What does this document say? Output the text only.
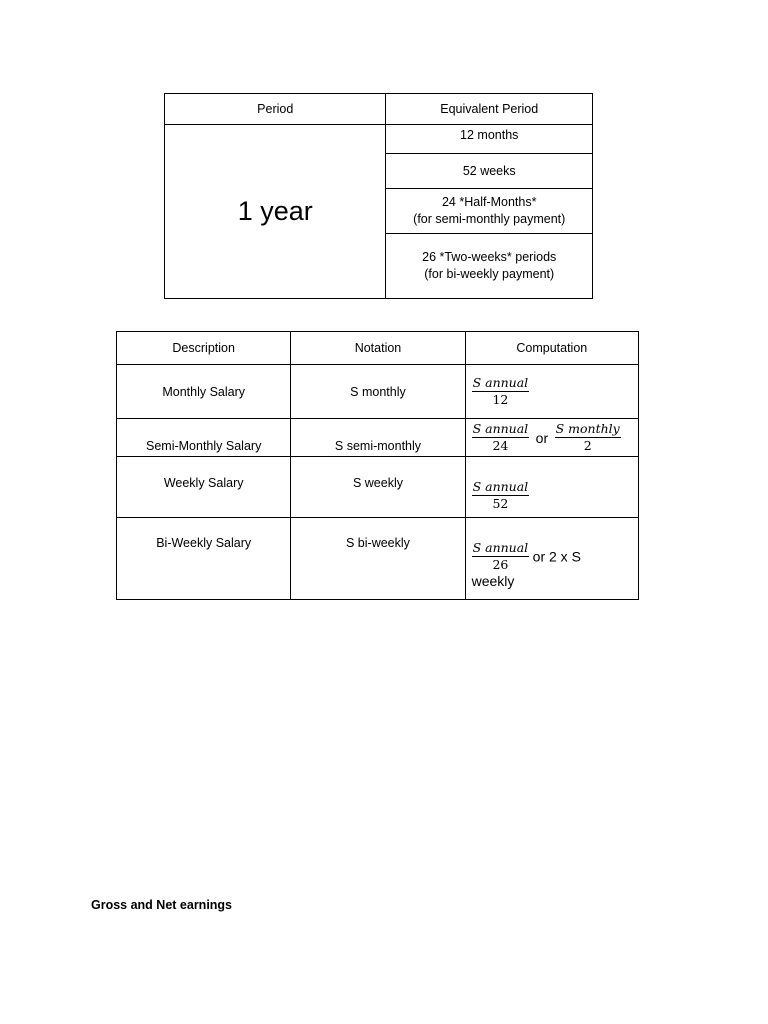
Period	Equivalent Period
1 year	12 months
	52 weeks
	24 *Half-Months*
(for semi-monthly payment)
	26 *Two-weeks* periods
(for bi-weekly payment)
Description	Notation	Computation
Monthly Salary	S monthly	$\frac{\text{S annual}}{12}$

Semi-Monthly Salary	S semi-monthly	$\frac{\text{S annual}}{24}$ or $\frac{\text{S monthly}}{2}$

Weekly Salary	S weekly	$\frac{\text{S annual}}{52}$

Bi-Weekly Salary	S bi-weekly	$\frac{\text{S annual}}{26}$ or 2 x S
weekly
Gross and Net earnings
